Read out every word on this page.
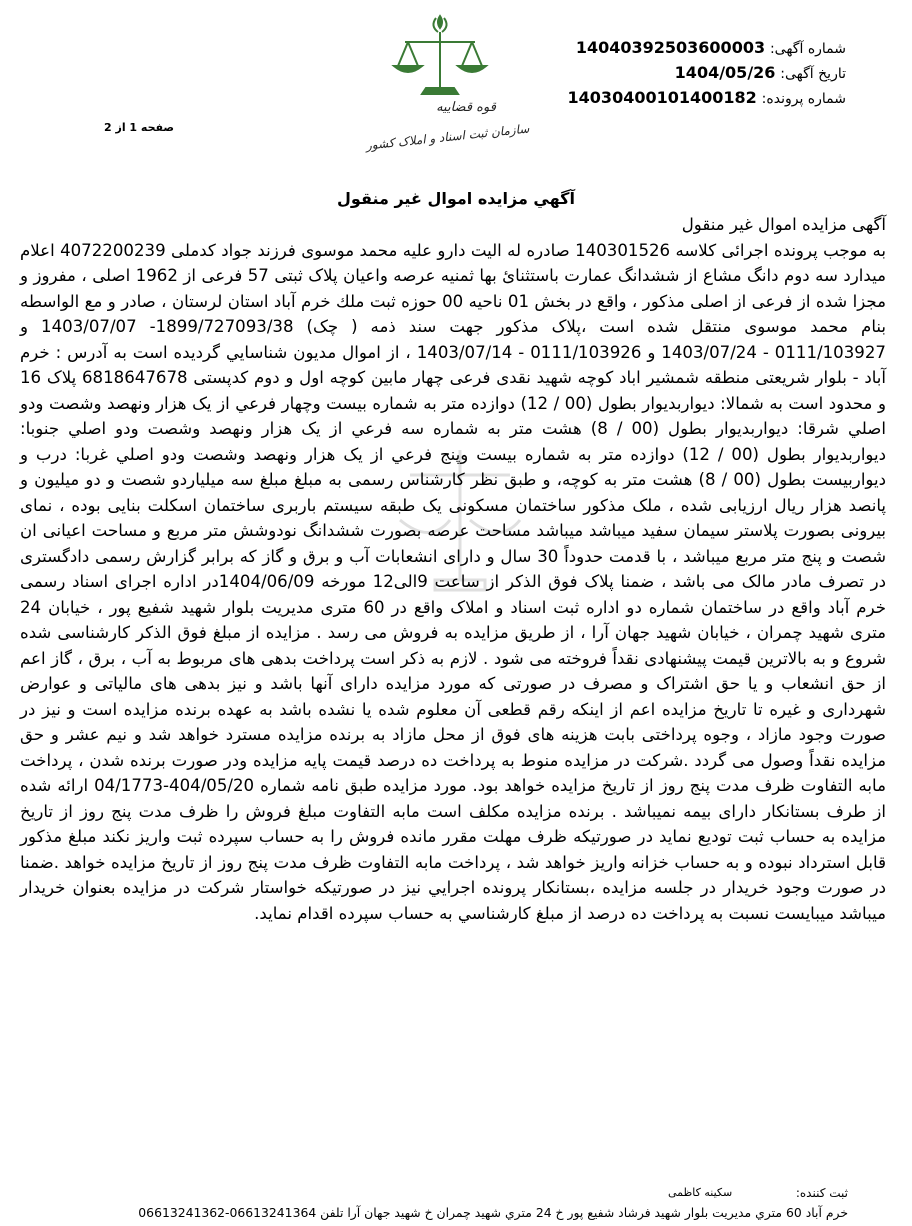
شماره آگهی: 14040392503600003
تاریخ آگهی: 1404/05/26
شماره پرونده: 14030400101400182
قوه قضاییه
سازمان ثبت اسناد و املاک کشور
صفحه 1 از 2
آگهي مزايده اموال غير منقول

آگهی مزایده اموال غیر منقول

به موجب پرونده اجرائی کلاسه 140301526 صادره له الیت دارو علیه محمد موسوی فرزند جواد کدملی 4072200239 اعلام میدارد سه دوم دانگ مشاع از ششدانگ عمارت باستثنائ بها ثمنیه عرصه واعیان پلاک ثبتی 57 فرعی از 1962 اصلی ، مفروز و مجزا شده از فرعی از اصلی مذکور ، واقع در بخش 01 ناحیه 00 حوزه ثبت ملك خرم آباد استان لرستان ، صادر و مع الواسطه بنام محمد موسوی منتقل شده است ،پلاک مذکور جهت سند ذمه ( چک) 1899/727093/38- 1403/07/07 و 0111/103927 - 1403/07/24 و 0111/103926 - 1403/07/14 ، از اموال مدیون شناسايي گرديده است به آدرس : خرم آباد - بلوار شریعتی منطقه شمشیر اباد کوچه شهید نقدی فرعی چهار مابین کوچه اول و دوم کدپستی 6818647678 پلاک 16 و محدود است به شمالا: دیواربدیوار بطول (00 / 12) دوازده متر به شماره بيست وچهار فرعي از يک هزار ونهصد وشصت ودو اصلي شرقا: دیواربدیوار بطول (00 / 8) هشت متر به شماره سه فرعي از يک هزار ونهصد وشصت ودو اصلي جنوبا: دیواربدیوار بطول (00 / 12) دوازده متر به شماره بيست وپنج فرعي از يک هزار ونهصد وشصت ودو اصلي غربا: درب و دیواربیست بطول (00 / 8) هشت متر به کوچه، و طبق نظر کارشناس رسمی به مبلغ مبلغ سه میلیاردو شصت و دو میلیون و پانصد هزار ریال ارزیابی شده ، ملک مذکور ساختمان مسکونی یک طبقه سیستم باربری ساختمان اسکلت بنایی بوده ، نمای بیرونی بصورت پلاستر سیمان سفید میباشد میباشد مساحت عرصه بصورت ششدانگ نودوشش متر مربع و مساحت اعیانی ان شصت و پنج متر مربع میباشد ، با قدمت حدوداً 30 سال و دارای انشعابات آب و برق و گاز که برابر گزارش رسمی دادگستری در تصرف مادر مالک می باشد ، ضمنا پلاک فوق الذکر از ساعت 9الی12 مورخه 1404/06/09در اداره اجرای اسناد رسمی خرم آباد واقع در ساختمان شماره دو اداره ثبت اسناد و املاک واقع در 60 متری مدیریت بلوار شهید شفیع پور ، خیابان 24 متری شهید چمران ، خیابان شهید جهان آرا ، از طریق مزایده به فروش می رسد . مزایده از مبلغ فوق الذکر کارشناسی شده شروع و به بالاترین قیمت پیشنهادی نقداً فروخته می شود . لازم به ذکر است پرداخت بدهی های مربوط به آب ، برق ، گاز اعم از حق انشعاب و یا حق اشتراک و مصرف در صورتی که مورد مزایده دارای آنها باشد و نیز بدهی های مالیاتی و عوارض شهرداری و غیره تا تاریخ مزایده اعم از اینکه رقم قطعی آن معلوم شده یا نشده باشد به عهده برنده مزایده است و نیز در صورت وجود مازاد ، وجوه پرداختی بابت هزینه های فوق از محل مازاد به برنده مزایده مسترد خواهد شد و نیم عشر و حق مزایده نقداً وصول می گردد .شرکت در مزایده منوط به پرداخت ده درصد قیمت پایه مزایده ودر صورت برنده شدن ، پرداخت مابه التفاوت ظرف مدت پنج روز از تاریخ مزایده خواهد بود. مورد مزایده طبق نامه شماره 404/05/20-04/1773 ارائه شده از طرف بستانکار دارای بیمه نمیباشد . برنده مزایده مکلف است مابه التفاوت مبلغ فروش را ظرف مدت پنج روز از تاریخ مزایده به حساب ثبت تودیع نماید در صورتیکه ظرف مهلت مقرر مانده فروش را به حساب سپرده ثبت واریز نکند مبلغ مذکور قابل استرداد نبوده و به حساب خزانه واریز خواهد شد ، پرداخت مابه التفاوت ظرف مدت پنج روز از تاریخ مزایده خواهد .ضمنا در صورت وجود خریدار در جلسه مزایده ،بستانکار پرونده اجرايي نیز در صورتیکه خواستار شرکت در مزایده بعنوان خریدار میباشد میبایست نسبت به پرداخت ده درصد از مبلغ کارشناسي به حساب سپرده اقدام نماید.

ثبت کننده:
سکینه کاظمی
خرم آباد 60 متري مديريت بلوار شهيد فرشاد شفيع پور خ 24 متري شهيد چمران خ شهيد جهان آرا تلفن 06613241364-06613241362
